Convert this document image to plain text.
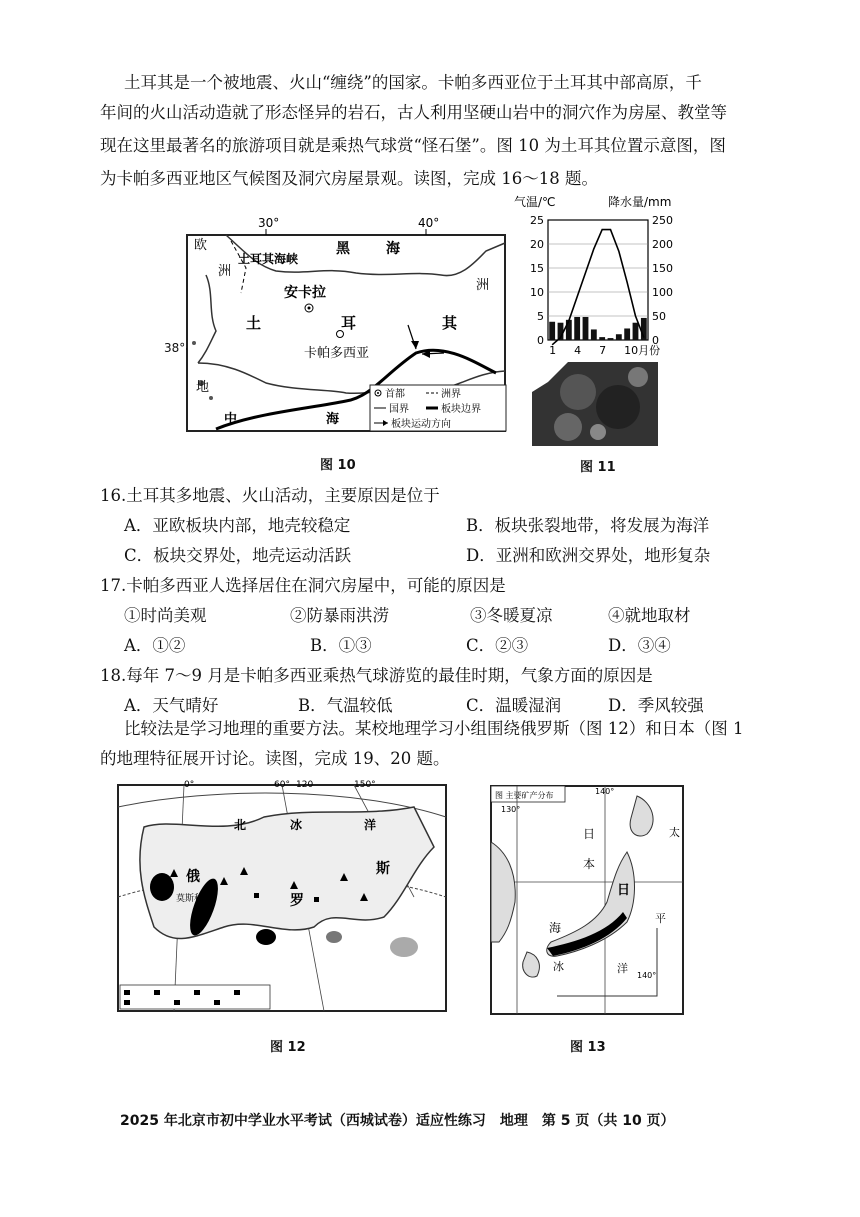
土耳其是一个被地震、火山“缠绕”的国家。卡帕多西亚位于土耳其中部高原，千
年间的火山活动造就了形态怪异的岩石，古人利用坚硬山岩中的洞穴作为房屋、教堂等
现在这里最著名的旅游项目就是乘热气球赏“怪石堡”。图 10 为土耳其位置示意图，图
为卡帕多西亚地区气候图及洞穴房屋景观。读图，完成 16～18 题。
30°	40°
黑	海
欧
洲
土耳其海峡
洲
安卡拉
土	耳	其
卡帕多西亚
地
中	海
首都	洲界
国界	板块边界
板块运动方向
38°
图 10
气温/℃	降水量/mm
25
20
15
10
5
0
250
200
150
100
50
0
1 4 7 10月份
图 11
16.土耳其多地震、火山活动，主要原因是位于
A．亚欧板块内部，地壳较稳定	B．板块张裂地带，将发展为海洋
C．板块交界处，地壳运动活跃	D．亚洲和欧洲交界处，地形复杂
17.卡帕多西亚人选择居住在洞穴房屋中，可能的原因是
①时尚美观	②防暴雨洪涝	③冬暖夏凉	④就地取材
A．①②	B．①③	C．②③	D．③④
18.每年 7～9 月是卡帕多西亚乘热气球游览的最佳时期，气象方面的原因是
A．天气晴好	B．气温较低	C．温暖湿润	D．季风较强
比较法是学习地理的重要方法。某校地理学习小组围绕俄罗斯（图 12）和日本（图 1
的地理特征展开讨论。读图，完成 19、20 题。
0°	60° 120	150°
北	冰	洋
俄
罗
斯
莫斯科
图 12
图 主要矿产分布
130°
140°
140°
日
本
海
日
太
平
洋
冰
图 13
2025 年北京市初中学业水平考试（西城试卷）适应性练习　地理　第 5 页（共 10 页）
